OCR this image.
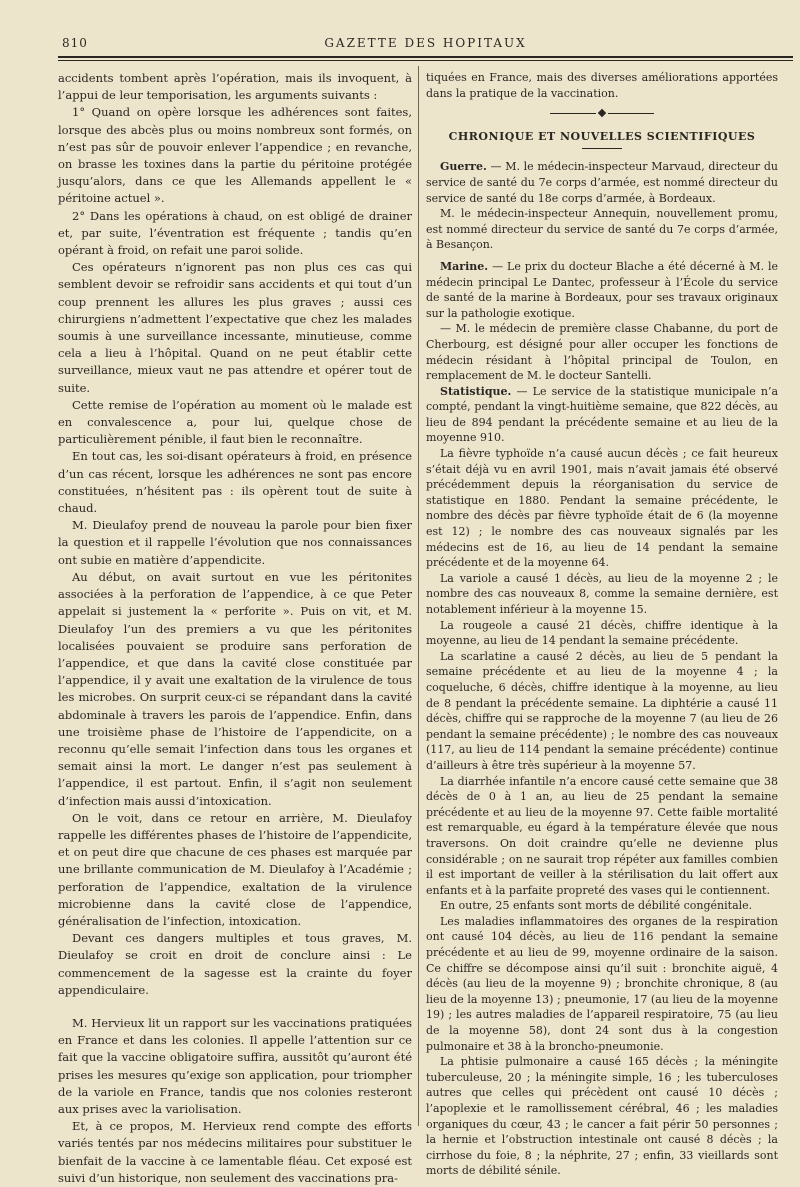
810	GAZETTE DES HOPITAUX

accidents tombent après l’opération, mais ils invoquent, à l’appui de leur temporisation, les arguments suivants :

1° Quand on opère lorsque les adhérences sont faites, lorsque des abcès plus ou moins nombreux sont formés, on n’est pas sûr de pouvoir enlever l’appendice ; en revanche, on brasse les toxines dans la partie du péritoine protégée jusqu’alors, dans ce que les Allemands appellent le « péritoine actuel ».

2° Dans les opérations à chaud, on est obligé de drainer et, par suite, l’éventration est fréquente ; tandis qu’en opérant à froid, on refait une paroi solide.

Ces opérateurs n’ignorent pas non plus ces cas qui semblent devoir se refroidir sans accidents et qui tout d’un coup prennent les allures les plus graves ; aussi ces chirurgiens n’admettent l’expectative que chez les malades soumis à une surveillance incessante, minutieuse, comme cela a lieu à l’hôpital. Quand on ne peut établir cette surveillance, mieux vaut ne pas attendre et opérer tout de suite.

Cette remise de l’opération au moment où le malade est en convalescence a, pour lui, quelque chose de particulièrement pénible, il faut bien le reconnaître.

En tout cas, les soi-disant opérateurs à froid, en présence d’un cas récent, lorsque les adhérences ne sont pas encore constituées, n’hésitent pas : ils opèrent tout de suite à chaud.

M. Dieulafoy prend de nouveau la parole pour bien fixer la question et il rappelle l’évolution que nos connaissances ont subie en matière d’appendicite.

Au début, on avait surtout en vue les péritonites associées à la perforation de l’appendice, à ce que Peter appelait si justement la « perforite ». Puis on vit, et M. Dieulafoy l’un des premiers a vu que les péritonites localisées pouvaient se produire sans perforation de l’appendice, et que dans la cavité close constituée par l’appendice, il y avait une exaltation de la virulence de tous les microbes. On surprit ceux-ci se répandant dans la cavité abdominale à travers les parois de l’appendice. Enfin, dans une troisième phase de l’histoire de l’appendicite, on a reconnu qu’elle semait l’infection dans tous les organes et semait ainsi la mort. Le danger n’est pas seulement à l’appendice, il est partout. Enfin, il s’agit non seulement d’infection mais aussi d’intoxication.

On le voit, dans ce retour en arrière, M. Dieulafoy rappelle les différentes phases de l’histoire de l’appendicite, et on peut dire que chacune de ces phases est marquée par une brillante communication de M. Dieulafoy à l’Académie ; perforation de l’appendice, exaltation de la virulence microbienne dans la cavité close de l’appendice, généralisation de l’infection, intoxication.

Devant ces dangers multiples et tous graves, M. Dieulafoy se croit en droit de conclure ainsi : Le commencement de la sagesse est la crainte du foyer appendiculaire.

M. Hervieux lit un rapport sur les vaccinations pratiquées en France et dans les colonies. Il appelle l’attention sur ce fait que la vaccine obligatoire suffira, aussitôt qu’auront été prises les mesures qu’exige son application, pour triompher de la variole en France, tandis que nos colonies resteront aux prises avec la variolisation.

Et, à ce propos, M. Hervieux rend compte des efforts variés tentés par nos médecins militaires pour substituer le bienfait de la vaccine à ce lamentable fléau. Cet exposé est suivi d’un historique, non seulement des vaccinations pra-

tiquées en France, mais des diverses améliorations apportées dans la pratique de la vaccination.

CHRONIQUE ET NOUVELLES SCIENTIFIQUES

Guerre. — M. le médecin-inspecteur Marvaud, directeur du service de santé du 7e corps d’armée, est nommé directeur du service de santé du 18e corps d’armée, à Bordeaux.

M. le médecin-inspecteur Annequin, nouvellement promu, est nommé directeur du service de santé du 7e corps d’armée, à Besançon.

Marine. — Le prix du docteur Blache a été décerné à M. le médecin principal Le Dantec, professeur à l’École du service de santé de la marine à Bordeaux, pour ses travaux originaux sur la pathologie exotique.

— M. le médecin de première classe Chabanne, du port de Cherbourg, est désigné pour aller occuper les fonctions de médecin résidant à l’hôpital principal de Toulon, en remplacement de M. le docteur Santelli.

Statistique. — Le service de la statistique municipale n’a compté, pendant la vingt-huitième semaine, que 822 décès, au lieu de 894 pendant la précédente semaine et au lieu de la moyenne 910.

La fièvre typhoïde n’a causé aucun décès ; ce fait heureux s’était déjà vu en avril 1901, mais n’avait jamais été observé précédemment depuis la réorganisation du service de statistique en 1880. Pendant la semaine précédente, le nombre des décès par fièvre typhoïde était de 6 (la moyenne est 12) ; le nombre des cas nouveaux signalés par les médecins est de 16, au lieu de 14 pendant la semaine précédente et de la moyenne 64.

La variole a causé 1 décès, au lieu de la moyenne 2 ; le nombre des cas nouveaux 8, comme la semaine dernière, est notablement inférieur à la moyenne 15.

La rougeole a causé 21 décès, chiffre identique à la moyenne, au lieu de 14 pendant la semaine précédente.

La scarlatine a causé 2 décès, au lieu de 5 pendant la semaine précédente et au lieu de la moyenne 4 ; la coqueluche, 6 décès, chiffre identique à la moyenne, au lieu de 8 pendant la précédente semaine. La diphtérie a causé 11 décès, chiffre qui se rapproche de la moyenne 7 (au lieu de 26 pendant la semaine précédente) ; le nombre des cas nouveaux (117, au lieu de 114 pendant la semaine précédente) continue d’ailleurs à être très supérieur à la moyenne 57.

La diarrhée infantile n’a encore causé cette semaine que 38 décès de 0 à 1 an, au lieu de 25 pendant la semaine précédente et au lieu de la moyenne 97. Cette faible mortalité est remarquable, eu égard à la température élevée que nous traversons. On doit craindre qu’elle ne devienne plus considérable ; on ne saurait trop répéter aux familles combien il est important de veiller à la stérilisation du lait offert aux enfants et à la parfaite propreté des vases qui le contiennent.

En outre, 25 enfants sont morts de débilité congénitale.

Les maladies inflammatoires des organes de la respiration ont causé 104 décès, au lieu de 116 pendant la semaine précédente et au lieu de 99, moyenne ordinaire de la saison. Ce chiffre se décompose ainsi qu’il suit : bronchite aiguë, 4 décès (au lieu de la moyenne 9) ; bronchite chronique, 8 (au lieu de la moyenne 13) ; pneumonie, 17 (au lieu de la moyenne 19) ; les autres maladies de l’appareil respiratoire, 75 (au lieu de la moyenne 58), dont 24 sont dus à la congestion pulmonaire et 38 à la broncho-pneumonie.

La phtisie pulmonaire a causé 165 décès ; la méningite tuberculeuse, 20 ; la méningite simple, 16 ; les tuberculoses autres que celles qui précèdent ont causé 10 décès ; l’apoplexie et le ramollissement cérébral, 46 ; les maladies organiques du cœur, 43 ; le cancer a fait périr 50 personnes ; la hernie et l’obstruction intestinale ont causé 8 décès ; la cirrhose du foie, 8 ; la néphrite, 27 ; enfin, 33 vieillards sont morts de débilité sénile.
